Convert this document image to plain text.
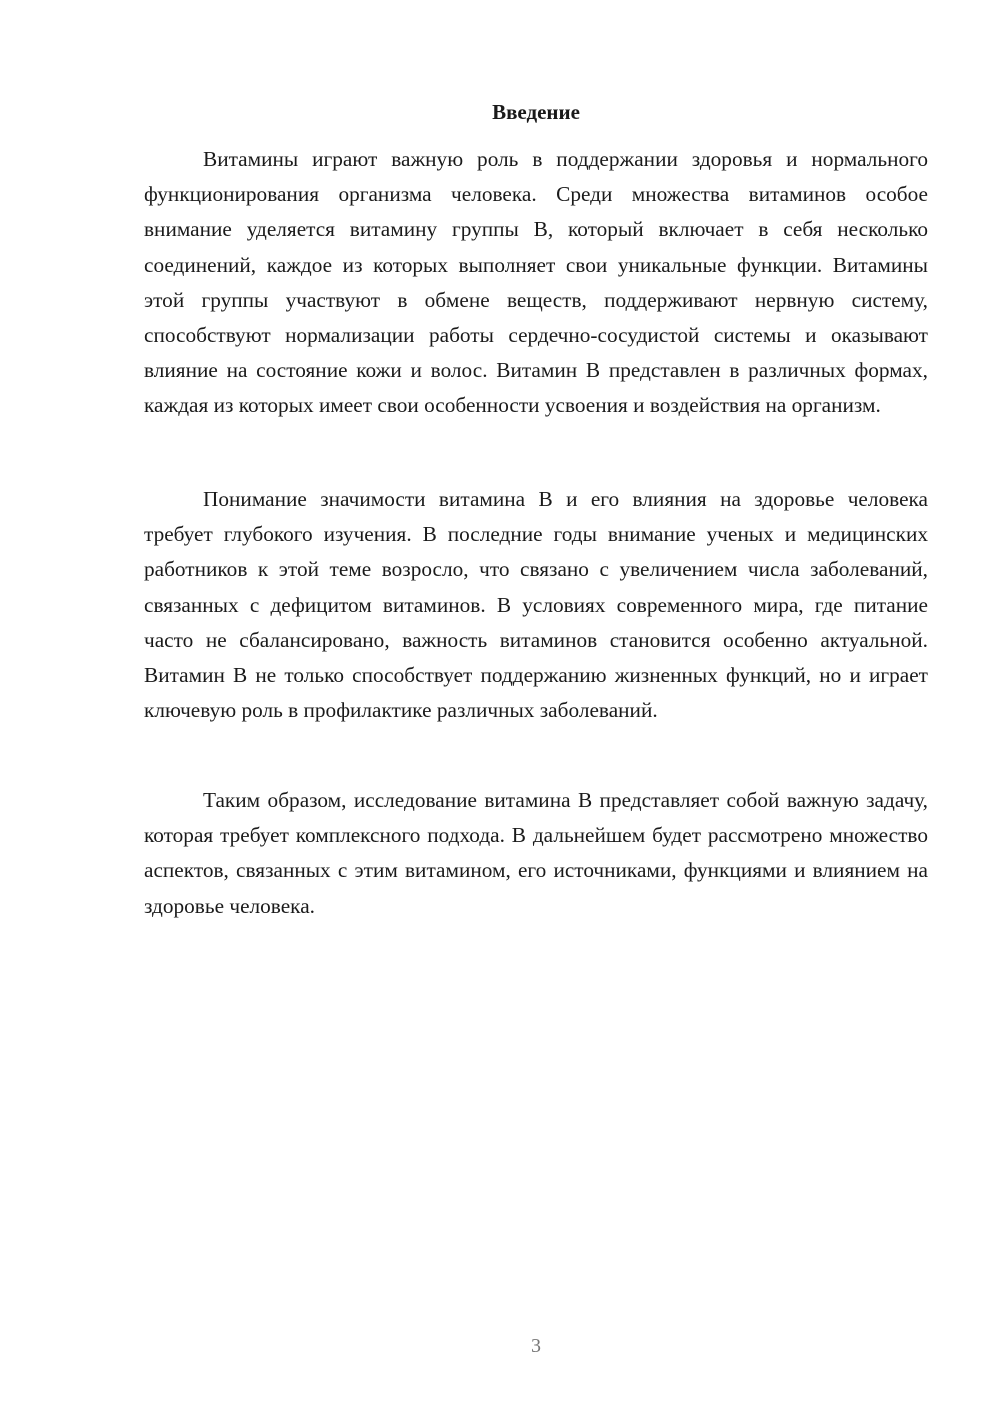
Введение

Витамины играют важную роль в поддержании здоровья и нормального функционирования организма человека. Среди множества витаминов особое внимание уделяется витамину группы B, который включает в себя несколько соединений, каждое из которых выполняет свои уникальные функции. Витамины этой группы участвуют в обмене веществ, поддерживают нервную систему, способствуют нормализации работы сердечно-сосудистой системы и оказывают влияние на состояние кожи и волос. Витамин B представлен в различных формах, каждая из которых имеет свои особенности усвоения и воздействия на организм.

Понимание значимости витамина B и его влияния на здоровье человека требует глубокого изучения. В последние годы внимание ученых и медицинских работников к этой теме возросло, что связано с увеличением числа заболеваний, связанных с дефицитом витаминов. В условиях современного мира, где питание часто не сбалансировано, важность витаминов становится особенно актуальной. Витамин B не только способствует поддержанию жизненных функций, но и играет ключевую роль в профилактике различных заболеваний.

Таким образом, исследование витамина B представляет собой важную задачу, которая требует комплексного подхода. В дальнейшем будет рассмотрено множество аспектов, связанных с этим витамином, его источниками, функциями и влиянием на здоровье человека.

3
